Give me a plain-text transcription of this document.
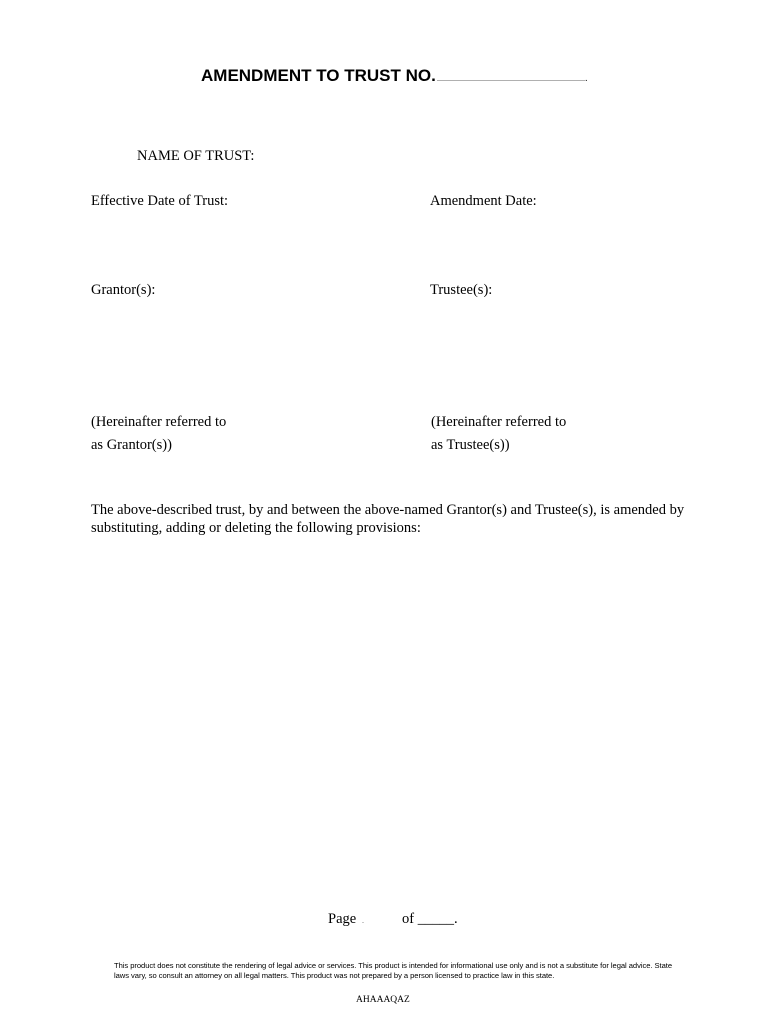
AMENDMENT TO TRUST NO.	.
NAME OF TRUST:
Effective Date of Trust:	Amendment Date:
Grantor(s):	Trustee(s):
(Hereinafter referred to
as Grantor(s))
(Hereinafter referred to
as Trustee(s))
The above-described trust, by and between the above-named Grantor(s) and Trustee(s), is amended by substituting, adding or deleting the following provisions:
Page	of _____.
This product does not constitute the rendering of legal advice or services. This product is intended for informational use only and is not a substitute for legal advice. State laws vary, so consult an attorney on all legal matters. This product was not prepared by a person licensed to practice law in this state.
AHAAAQAZ
